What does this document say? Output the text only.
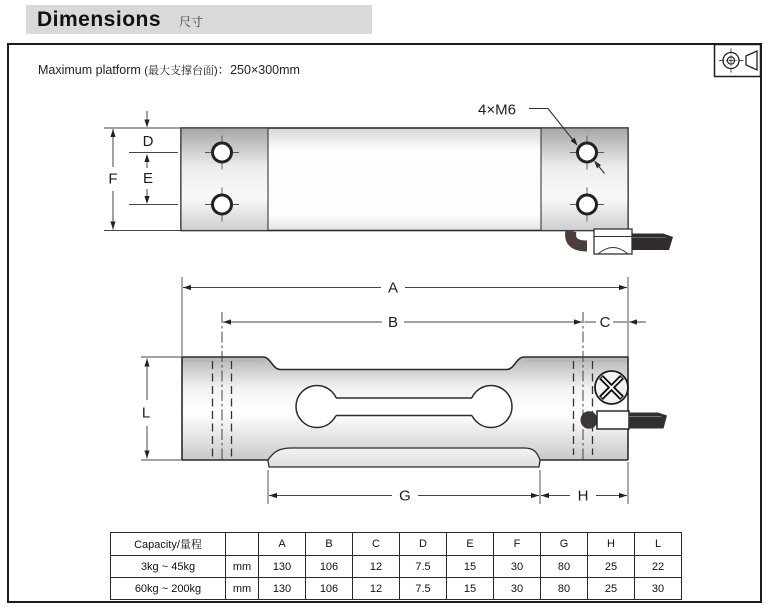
Dimensions 尺寸
Maximum platform (最大支撑台面)：250×300mm
4×M6
F
D
E
A
B	C
L
G	H
Capacity/量程		A	B	C	D	E	F	G	H	L
3kg ~ 45kg	mm	130	106	12	7.5	15	30	80	25	22
60kg ~ 200kg	mm	130	106	12	7.5	15	30	80	25	30
